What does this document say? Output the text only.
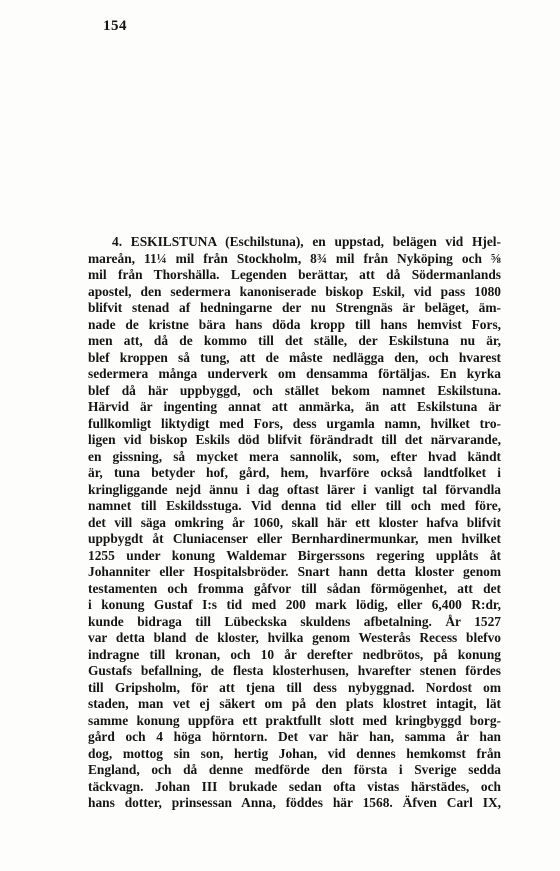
154
4. ESKILSTUNA (Eschilstuna), en uppstad, belägen vid Hjel-
mareån, 11¼ mil från Stockholm, 8¾ mil från Nyköping och ⅝
mil från Thorshälla. Legenden berättar, att då Södermanlands
apostel, den sedermera kanoniserade biskop Eskil, vid pass 1080
blifvit stenad af hedningarne der nu Strengnäs är beläget, äm-
nade de kristne bära hans döda kropp till hans hemvist Fors,
men att, då de kommo till det ställe, der Eskilstuna nu är,
blef kroppen så tung, att de måste nedlägga den, och hvarest
sedermera många underverk om densamma förtäljas. En kyrka
blef då här uppbyggd, och stället bekom namnet Eskilstuna.
Härvid är ingenting annat att anmärka, än att Eskilstuna är
fullkomligt liktydigt med Fors, dess urgamla namn, hvilket tro-
ligen vid biskop Eskils död blifvit förändradt till det närvarande,
en gissning, så mycket mera sannolik, som, efter hvad kändt
är, tuna betyder hof, gård, hem, hvarföre också landtfolket i
kringliggande nejd ännu i dag oftast lärer i vanligt tal förvandla
namnet till Eskildsstuga. Vid denna tid eller till och med före,
det vill säga omkring år 1060, skall här ett kloster hafva blifvit
uppbygdt åt Cluniacenser eller Bernhardinermunkar, men hvilket
1255 under konung Waldemar Birgerssons regering upplåts åt
Johanniter eller Hospitalsbröder. Snart hann detta kloster genom
testamenten och fromma gåfvor till sådan förmögenhet, att det
i konung Gustaf I:s tid med 200 mark lödig, eller 6,400 R:dr,
kunde bidraga till Lübeckska skuldens afbetalning. År 1527
var detta bland de kloster, hvilka genom Westerås Recess blefvo
indragne till kronan, och 10 år derefter nedbrötos, på konung
Gustafs befallning, de flesta klosterhusen, hvarefter stenen fördes
till Gripsholm, för att tjena till dess nybyggnad. Nordost om
staden, man vet ej säkert om på den plats klostret intagit, lät
samme konung uppföra ett praktfullt slott med kringbyggd borg-
gård och 4 höga hörntorn. Det var här han, samma år han
dog, mottog sin son, hertig Johan, vid dennes hemkomst från
England, och då denne medförde den första i Sverige sedda
täckvagn. Johan III brukade sedan ofta vistas härstädes, och
hans dotter, prinsessan Anna, föddes här 1568. Äfven Carl IX,
